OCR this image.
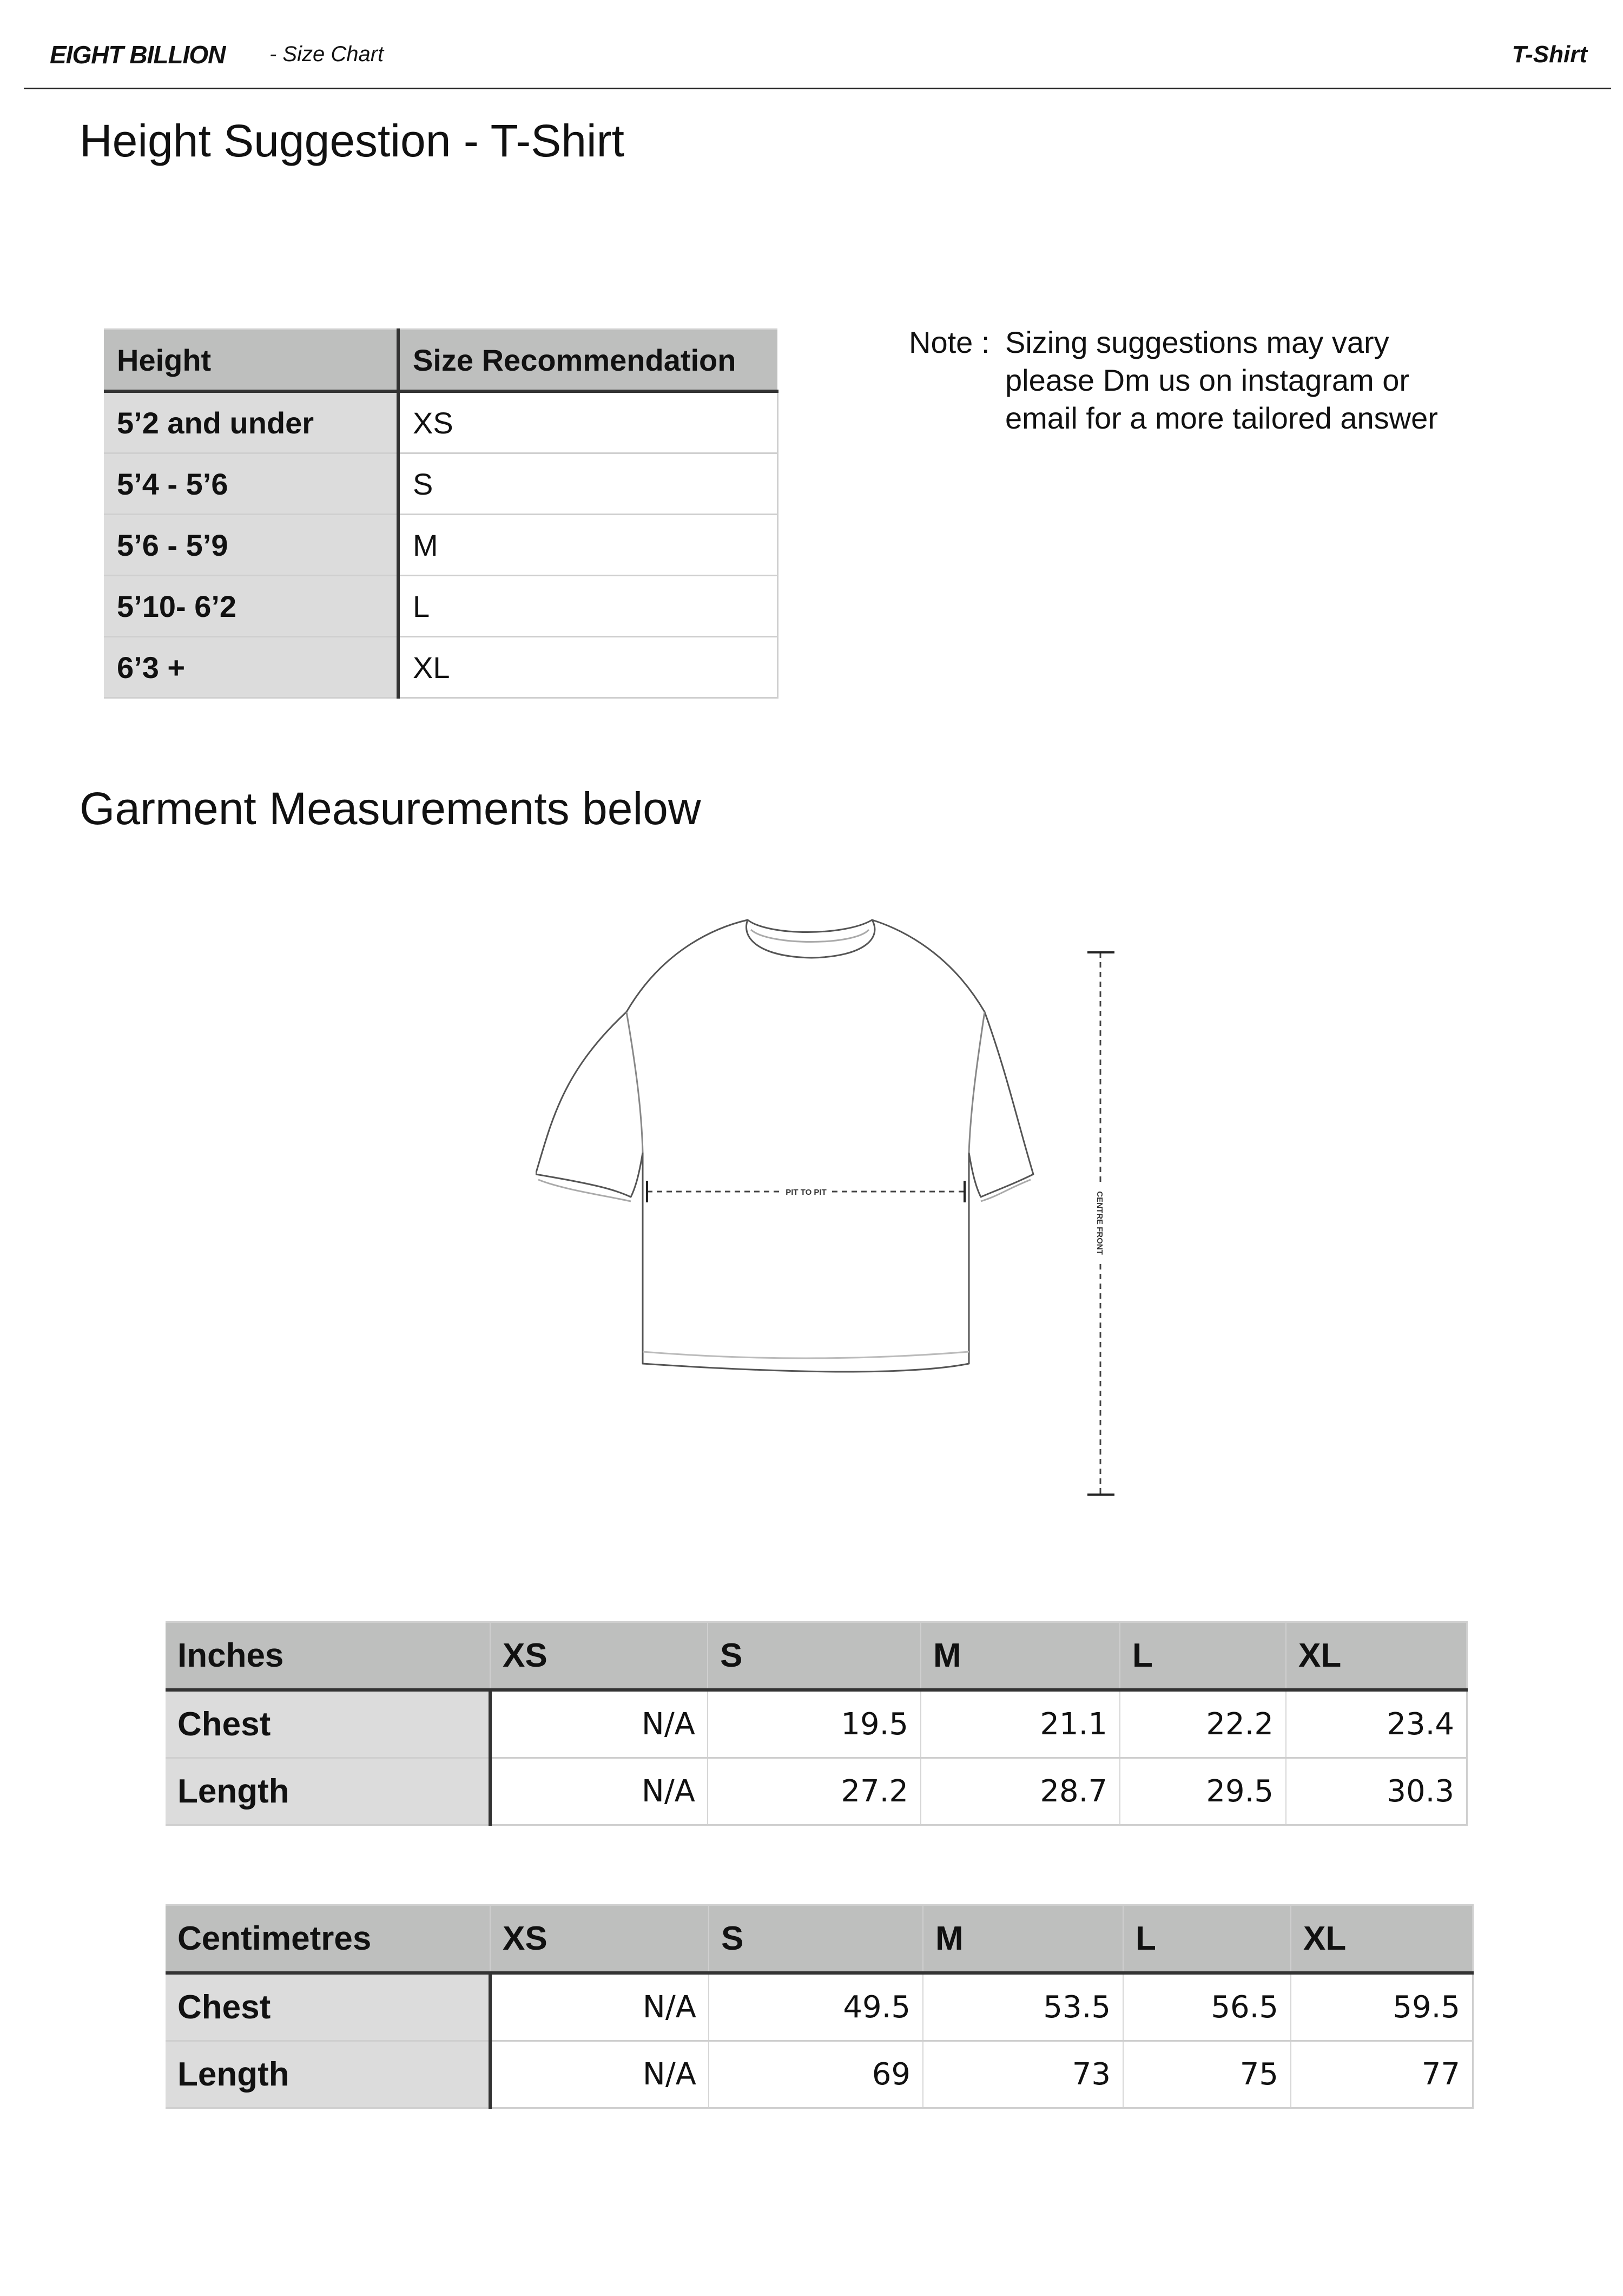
EIGHT BILLION - Size Chart	T-Shirt
Height Suggestion - T-Shirt
Height	Size Recommendation
5’2 and under	XS
5’4 - 5’6	S
5’6 - 5’9	M
5’10- 6’2	L
6’3 +	XL
Note : Sizing suggestions may vary
please Dm us on instagram or
email for a more tailored answer
Garment Measurements below
PIT TO PIT	CENTRE FRONT
Inches	XS	S	M	L	XL
Chest	N/A	19.5	21.1	22.2	23.4
Length	N/A	27.2	28.7	29.5	30.3
Centimetres	XS	S	M	L	XL
Chest	N/A	49.5	53.5	56.5	59.5
Length	N/A	69	73	75	77
